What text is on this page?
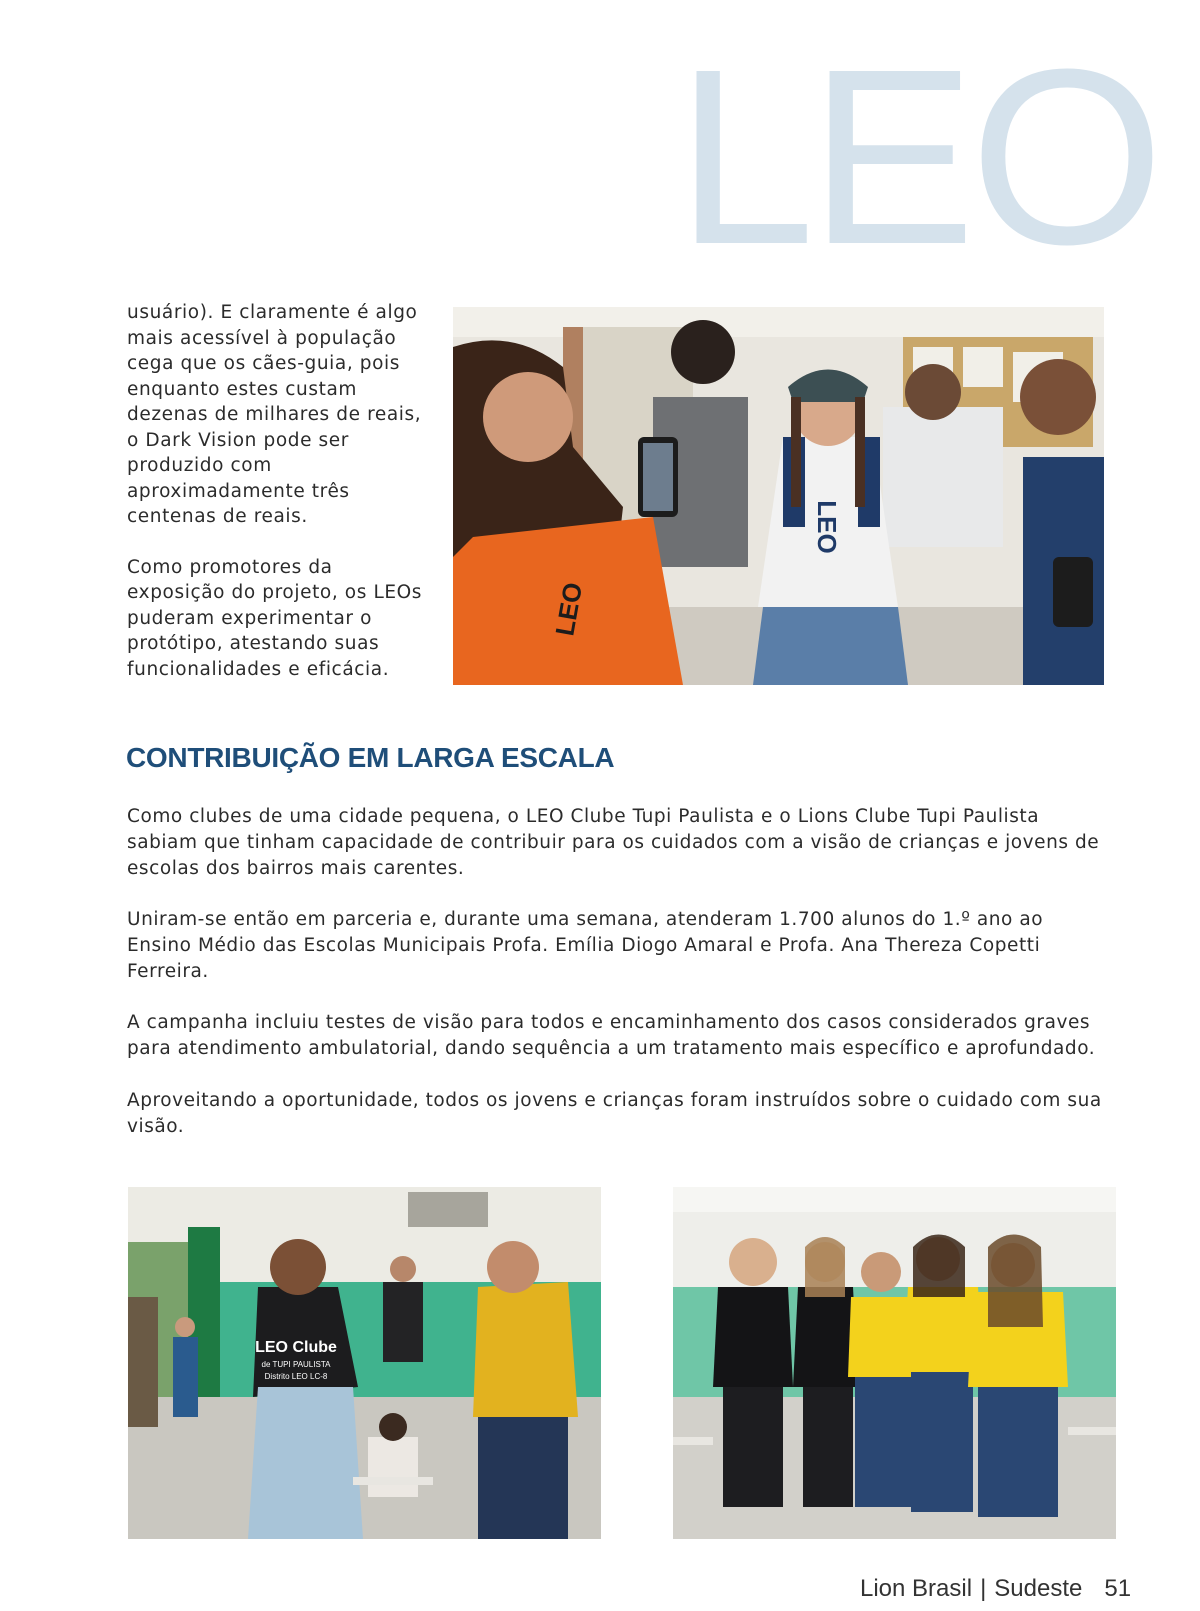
LEO

usuário). E claramente é algo mais acessível à população cega que os cães-guia, pois enquanto estes custam dezenas de milhares de reais, o Dark Vision pode ser produzido com aproximadamente três centenas de reais.

Como promotores da exposição do projeto, os LEOs puderam experimentar o protótipo, atestando suas funcionalidades e eficácia.

LEO
LEO
CONTRIBUIÇÃO EM LARGA ESCALA

Como clubes de uma cidade pequena, o LEO Clube Tupi Paulista e o Lions Clube Tupi Paulista sabiam que tinham capacidade de contribuir para os cuidados com a visão de crianças e jovens de escolas dos bairros mais carentes.

Uniram-se então em parceria e, durante uma semana, atenderam 1.700 alunos do 1.º ano ao Ensino Médio das Escolas Municipais Profa. Emília Diogo Amaral e Profa. Ana Thereza Copetti Ferreira.

A campanha incluiu testes de visão para todos e encaminhamento dos casos considerados graves para atendimento ambulatorial, dando sequência a um tratamento mais específico e aprofundado.

Aproveitando a oportunidade, todos os jovens e crianças foram instruídos sobre o cuidado com sua visão.

LEO Clube
de TUPI PAULISTA
Distrito LEO LC-8
Lion Brasil | Sudeste 51
